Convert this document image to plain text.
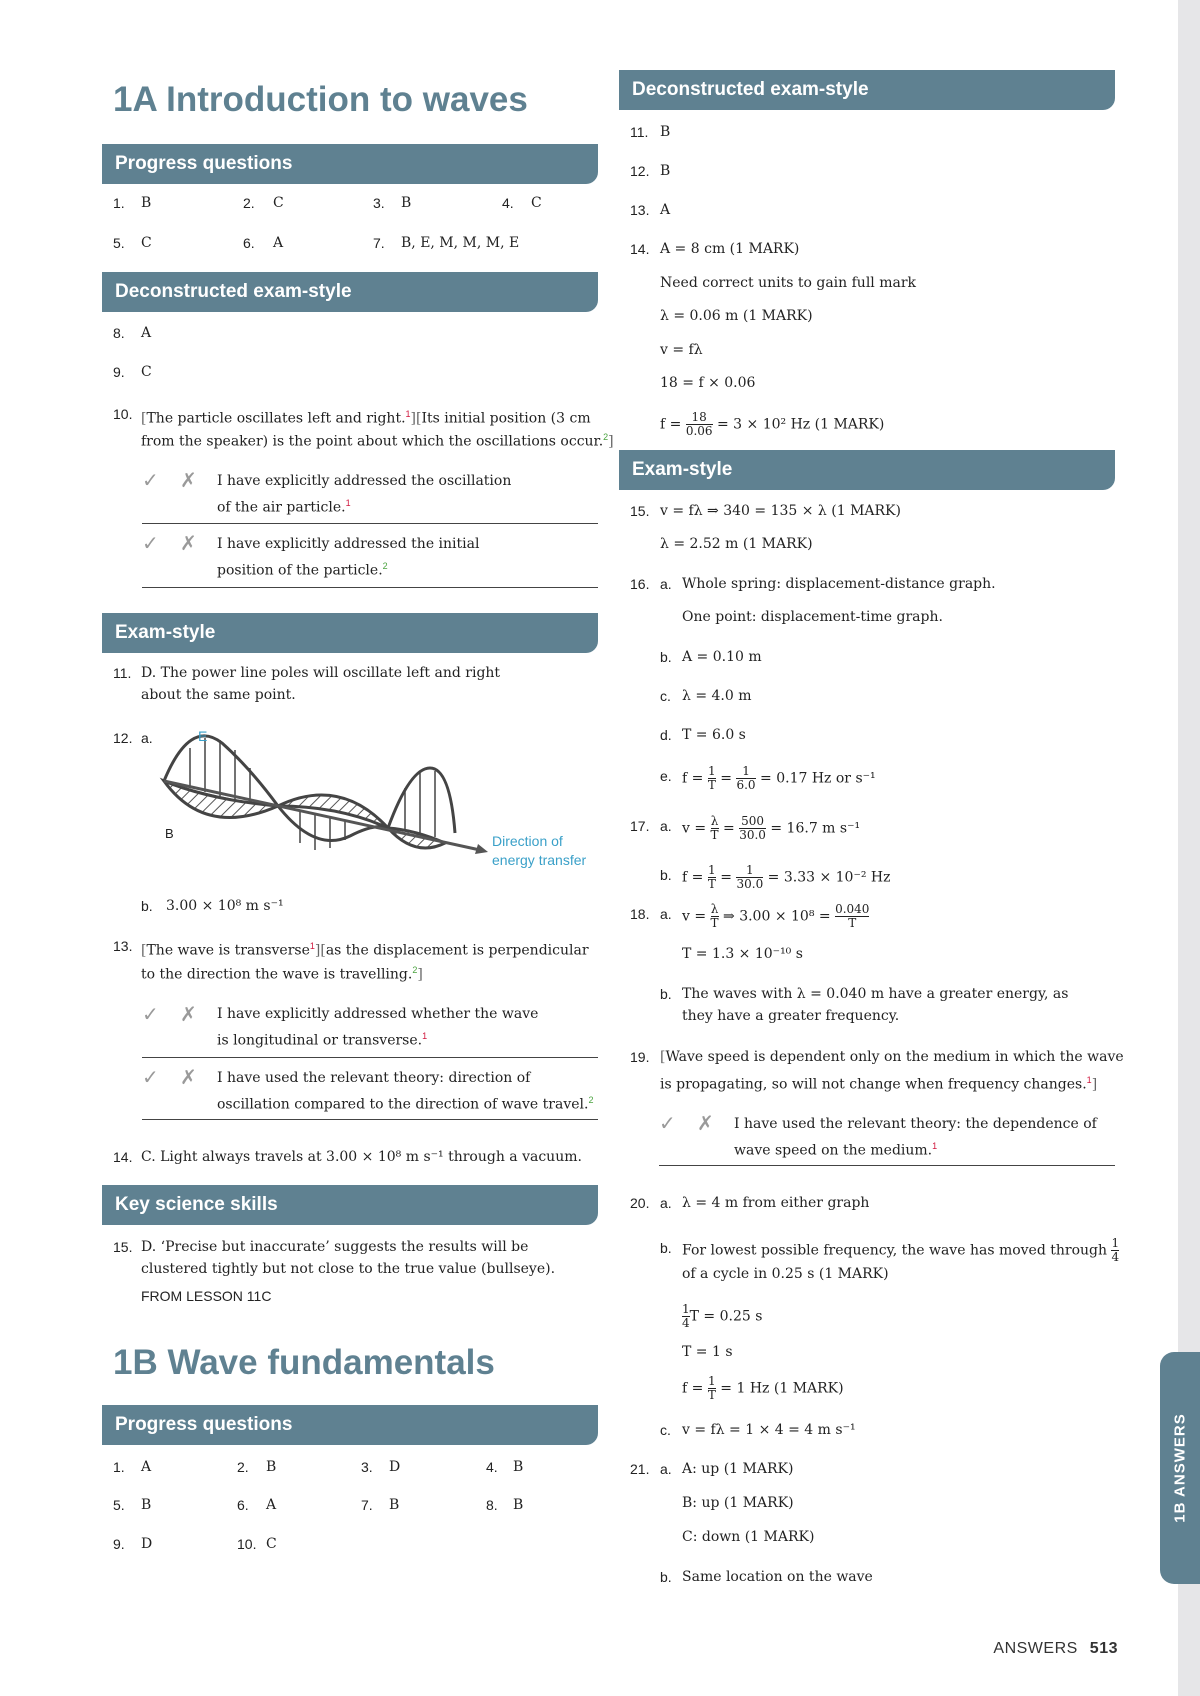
1B ANSWERS
1A Introduction to waves
Progress questions
1. B	2. C	3. B	4. C
5. C	6. A	7. B, E, M, M, M, E
Deconstructed exam-style
8. A
9. C
10. [The particle oscillates left and right.$^1$][Its initial position (3 cm
from the speaker) is the point about which the oscillations occur.$^2$]
✓ ✗ I have explicitly addressed the oscillation of the air particle.$^1$
✓ ✗ I have explicitly addressed the initial position of the particle.$^2$
Exam-style
11. D. The power line poles will oscillate left and right about the same point.
12. a.	E
B	Direction of energy transfer
b. 3.00 × 10⁸ m s⁻¹
13. [The wave is transverse$^1$][as the displacement is perpendicular
to the direction the wave is travelling.$^2$]
✓ ✗ I have explicitly addressed whether the wave is longitudinal or transverse.$^1$
✓ ✗ I have used the relevant theory: direction of oscillation compared to the direction of wave travel.$^2$
14. C. Light always travels at 3.00 × 10⁸ m s⁻¹ through a vacuum.
Key science skills
15. D. ‘Precise but inaccurate’ suggests the results will be clustered tightly but not close to the true value (bullseye).
FROM LESSON 11C
1B Wave fundamentals
Progress questions
1. A	2. B	3. D	4. B
5. B	6. A	7. B	8. B
9. D	10. C
Deconstructed exam-style
11. B
12. B
13. A
14. A = 8 cm (1 MARK)
Need correct units to gain full mark
λ = 0.06 m (1 MARK)
v = fλ
18 = f × 0.06
$f = \frac{18}{0.06} = 3 \times 10^2$ Hz (1 MARK)
Exam-style
15. v = fλ ⇒ 340 = 135 × λ (1 MARK)
λ = 2.52 m (1 MARK)
16. a. Whole spring: displacement-distance graph.
One point: displacement-time graph.
b. A = 0.10 m
c. λ = 4.0 m
d. T = 6.0 s
e. $f = \frac{1}{T} = \frac{1}{6.0} = 0.17$ Hz or s⁻¹
17. a. $v = \frac{\lambda}{T} = \frac{500}{30.0} = 16.7$ m s⁻¹
b. $f = \frac{1}{T} = \frac{1}{30.0} = 3.33 \times 10^{-2}$ Hz
18. a. $v = \frac{\lambda}{T}$ ⇒ $3.00 \times 10^8 = \frac{0.040}{T}$
T = 1.3 × 10⁻¹⁰ s
b. The waves with λ = 0.040 m have a greater energy, as they have a greater frequency.
19. [Wave speed is dependent only on the medium in which the wave
is propagating, so will not change when frequency changes.$^1$]
✓ ✗ I have used the relevant theory: the dependence of wave speed on the medium.$^1$
20. a. λ = 4 m from either graph
b. For lowest possible frequency, the wave has moved through $\frac{1}{4}$
of a cycle in 0.25 s (1 MARK)
$\frac{1}{4}$ T = 0.25 s
T = 1 s
$f = \frac{1}{T} = 1$ Hz (1 MARK)
c. v = fλ = 1 × 4 = 4 m s⁻¹
21. a. A: up (1 MARK)
B: up (1 MARK)
C: down (1 MARK)
b. Same location on the wave
ANSWERS 513
